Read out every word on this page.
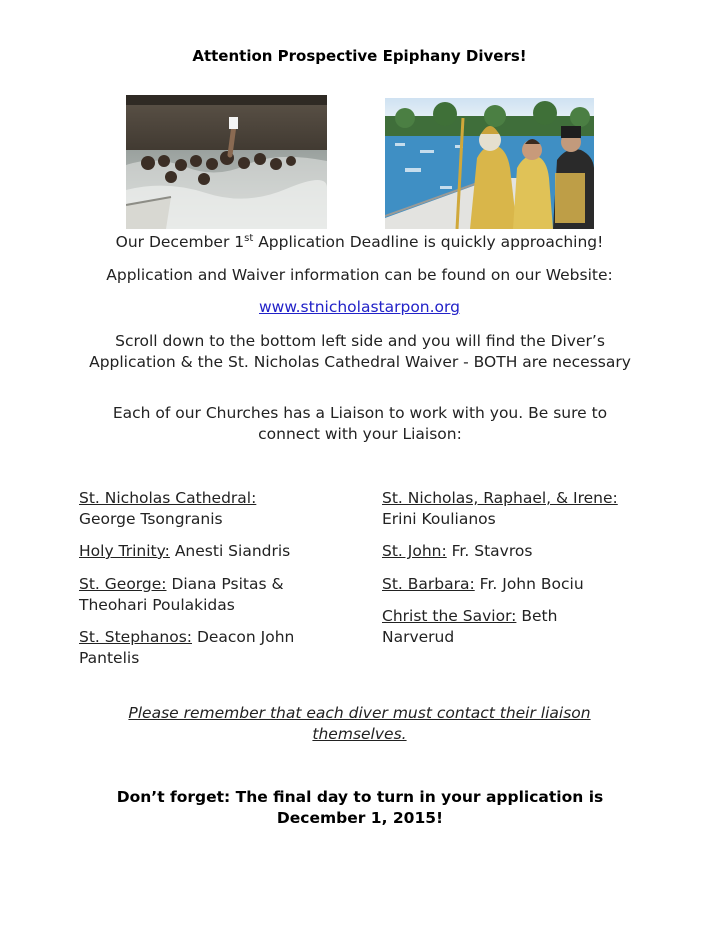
Attention Prospective Epiphany Divers!
Our December 1st Application Deadline is quickly approaching!
Application and Waiver information can be found on our Website:
www.stnicholastarpon.org
Scroll down to the bottom left side and you will find the Diver’s Application & the St. Nicholas Cathedral Waiver - BOTH are necessary
Each of our Churches has a Liaison to work with you. Be sure to connect with your Liaison:
St. Nicholas Cathedral:
George Tsongranis
Holy Trinity: Anesti Siandris
St. George: Diana Psitas & Theohari Poulakidas
St. Stephanos: Deacon John Pantelis
St. Nicholas, Raphael, & Irene: Erini Koulianos
St. John: Fr. Stavros
St. Barbara: Fr. John Bociu
Christ the Savior: Beth Narverud
Please remember that each diver must contact their liaison themselves.
Don’t forget: The final day to turn in your application is December 1, 2015!
